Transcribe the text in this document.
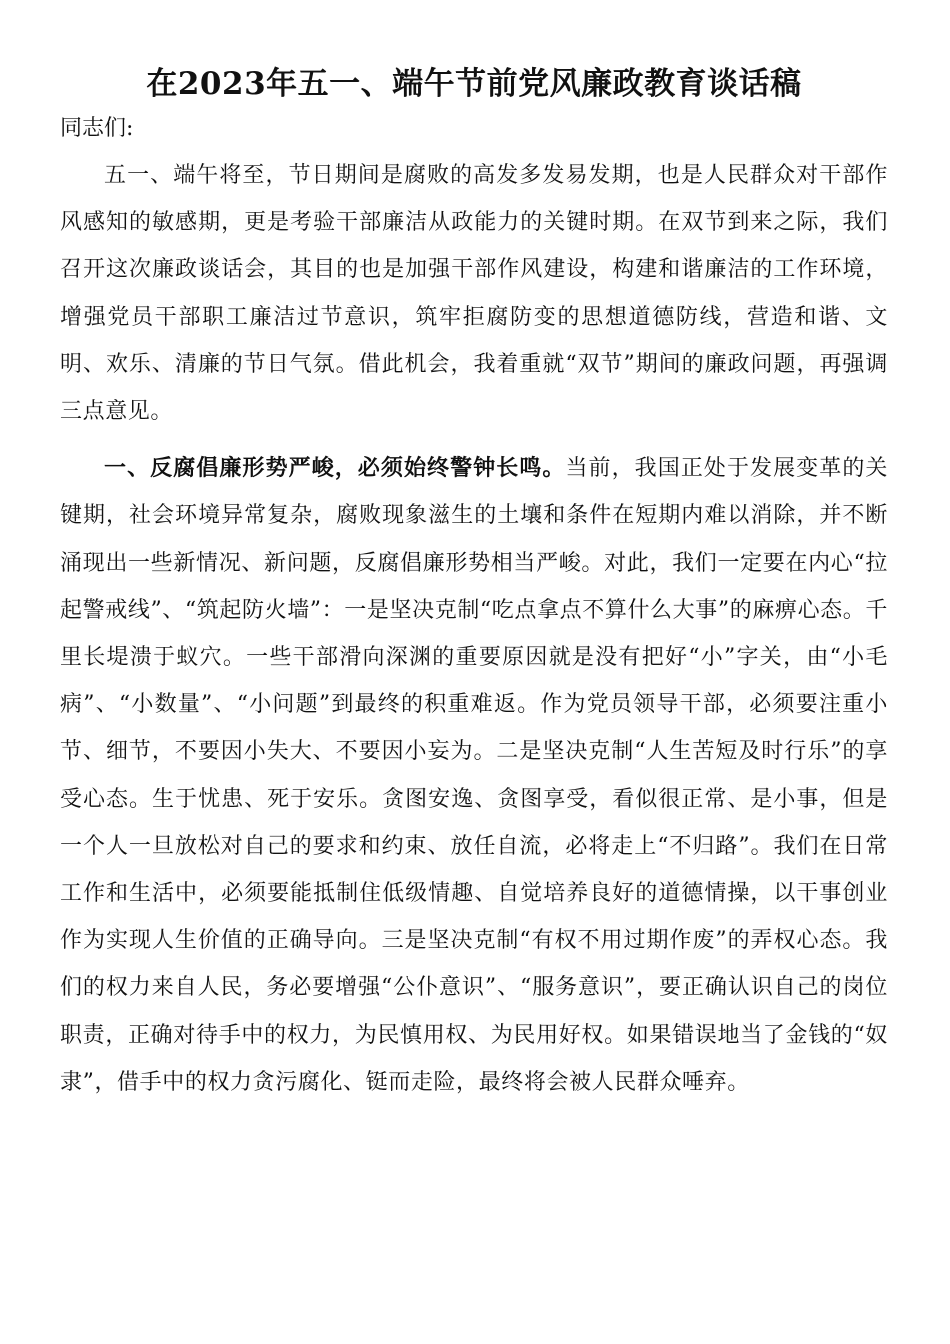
在2023年五一、端午节前党风廉政教育谈话稿

同志们:

五一、端午将至，节日期间是腐败的高发多发易发期，也是人民群众对干部作风感知的敏感期，更是考验干部廉洁从政能力的关键时期。在双节到来之际，我们召开这次廉政谈话会，其目的也是加强干部作风建设，构建和谐廉洁的工作环境，增强党员干部职工廉洁过节意识，筑牢拒腐防变的思想道德防线，营造和谐、文明、欢乐、清廉的节日气氛。借此机会，我着重就“双节”期间的廉政问题，再强调三点意见。

一、反腐倡廉形势严峻，必须始终警钟长鸣。当前，我国正处于发展变革的关键期，社会环境异常复杂，腐败现象滋生的土壤和条件在短期内难以消除，并不断涌现出一些新情况、新问题，反腐倡廉形势相当严峻。对此，我们一定要在内心“拉起警戒线”、“筑起防火墙”：一是坚决克制“吃点拿点不算什么大事”的麻痹心态。千里长堤溃于蚁穴。一些干部滑向深渊的重要原因就是没有把好“小”字关，由“小毛病”、“小数量”、“小问题”到最终的积重难返。作为党员领导干部，必须要注重小节、细节，不要因小失大、不要因小妄为。二是坚决克制“人生苦短及时行乐”的享受心态。生于忧患、死于安乐。贪图安逸、贪图享受，看似很正常、是小事，但是一个人一旦放松对自己的要求和约束、放任自流，必将走上“不归路”。我们在日常工作和生活中，必须要能抵制住低级情趣、自觉培养良好的道德情操，以干事创业作为实现人生价值的正确导向。三是坚决克制“有权不用过期作废”的弄权心态。我们的权力来自人民，务必要增强“公仆意识”、“服务意识”，要正确认识自己的岗位职责，正确对待手中的权力，为民慎用权、为民用好权。如果错误地当了金钱的“奴隶”，借手中的权力贪污腐化、铤而走险，最终将会被人民群众唾弃。
